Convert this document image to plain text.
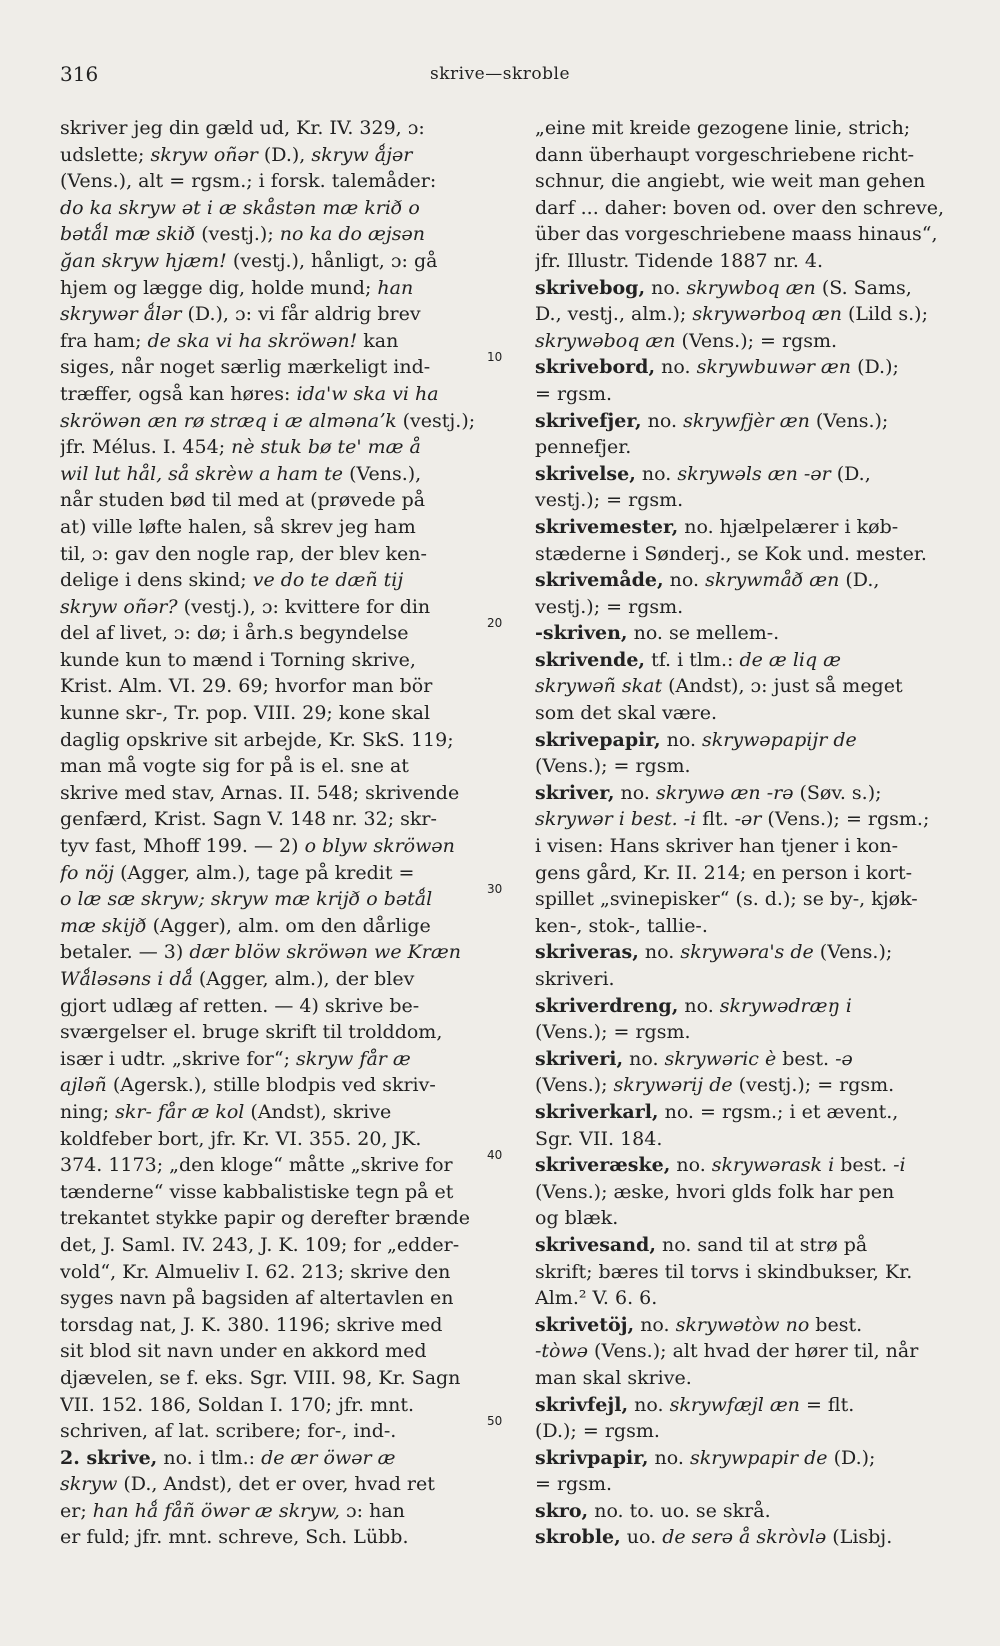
316	skrive—skroble
skriver jeg din gæld ud, Kr. IV. 329, ɔ:
udslette; skryw oñər (D.), skryw ǻjər
(Vens.), alt = rgsm.; i forsk. talemåder:
do ka skryw ət i æ skåstən mæ krið o
bətǻl mæ skið (vestj.); no ka do æjsən
ğan skryw hjæm! (vestj.), hånligt, ɔ: gå
hjem og lægge dig, holde mund; han
skrywər ǻlər (D.), ɔ: vi får aldrig brev
fra ham; de ska vi ha skröwən! kan
siges, når noget særlig mærkeligt ind-
træffer, også kan høres: ida'w ska vi ha
skröwən æn rø stræq i æ almənaʼk (vestj.);
jfr. Mélus. I. 454; nè stuk bø te' mæ å
wil lut hål, så skrèw a ham te (Vens.),
når studen bød til med at (prøvede på
at) ville løfte halen, så skrev jeg ham
til, ɔ: gav den nogle rap, der blev ken-
delige i dens skind; ve do te dæñ tij
skryw oñər? (vestj.), ɔ: kvittere for din
del af livet, ɔ: dø; i årh.s begyndelse
kunde kun to mænd i Torning skrive,
Krist. Alm. VI. 29. 69; hvorfor man bör
kunne skr-, Tr. pop. VIII. 29; kone skal
daglig opskrive sit arbejde, Kr. SkS. 119;
man må vogte sig for på is el. sne at
skrive med stav, Arnas. II. 548; skrivende
genfærd, Krist. Sagn V. 148 nr. 32; skr-
tyv fast, Mhoff 199. — 2) o blyw skröwən
fo nöj (Agger, alm.), tage på kredit =
o læ sæ skryw; skryw mæ krijð o bətǻl
mæ skijð (Agger), alm. om den dårlige
betaler. — 3) dær blöw skröwən we Kræn
Wǻləsəns i dǻ (Agger, alm.), der blev
gjort udlæg af retten. — 4) skrive be-
sværgelser el. bruge skrift til trolddom,
især i udtr. „skrive for“; skryw får æ
ajləñ (Agersk.), stille blodpis ved skriv-
ning; skr- får æ kol (Andst), skrive
koldfeber bort, jfr. Kr. VI. 355. 20, JK.
374. 1173; „den kloge“ måtte „skrive for
tænderne“ visse kabbalistiske tegn på et
trekantet stykke papir og derefter brænde
det, J. Saml. IV. 243, J. K. 109; for „edder-
vold“, Kr. Almueliv I. 62. 213; skrive den
syges navn på bagsiden af altertavlen en
torsdag nat, J. K. 380. 1196; skrive med
sit blod sit navn under en akkord med
djævelen, se f. eks. Sgr. VIII. 98, Kr. Sagn
VII. 152. 186, Soldan I. 170; jfr. mnt.
schriven, af lat. scribere; for-, ind-.
2. skrive, no. i tlm.: de ær öwər æ
skryw (D., Andst), det er over, hvad ret
er; han hǻ fåñ öwər æ skryw, ɔ: han
er fuld; jfr. mnt. schreve, Sch. Lübb.
„eine mit kreide gezogene linie, strich;
dann überhaupt vorgeschriebene richt-
schnur, die angiebt, wie weit man gehen
darf ... daher: boven od. over den schreve,
über das vorgeschriebene maass hinaus“,
jfr. Illustr. Tidende 1887 nr. 4.
skrivebog, no. skrywboq æn (S. Sams,
D., vestj., alm.); skrywərboq æn (Lild s.);
skrywəboq æn (Vens.); = rgsm.
skrivebord, no. skrywbuwər æn (D.);
= rgsm.
skrivefjer, no. skrywfjèr æn (Vens.);
pennefjer.
skrivelse, no. skrywəls æn -ər (D.,
vestj.); = rgsm.
skrivemester, no. hjælpelærer i køb-
stæderne i Sønderj., se Kok und. mester.
skrivemåde, no. skrywmåð æn (D.,
vestj.); = rgsm.
-skriven, no. se mellem-.
skrivende, tf. i tlm.: de æ liq æ
skrywəñ skat (Andst), ɔ: just så meget
som det skal være.
skrivepapir, no. skrywəpapijr de
(Vens.); = rgsm.
skriver, no. skrywə æn -rə (Søv. s.);
skrywər i best. -i flt. -ər (Vens.); = rgsm.;
i visen: Hans skriver han tjener i kon-
gens gård, Kr. II. 214; en person i kort-
spillet „svinepisker“ (s. d.); se by-, kjøk-
ken-, stok-, tallie-.
skriveras, no. skrywəra's de (Vens.);
skriveri.
skriverdreng, no. skrywədræŋ i
(Vens.); = rgsm.
skriveri, no. skrywəric è best. -ə
(Vens.); skrywərij de (vestj.); = rgsm.
skriverkarl, no. = rgsm.; i et ævent.,
Sgr. VII. 184.
skriveræske, no. skrywərask i best. -i
(Vens.); æske, hvori glds folk har pen
og blæk.
skrivesand, no. sand til at strø på
skrift; bæres til torvs i skindbukser, Kr.
Alm.² V. 6. 6.
skrivetöj, no. skrywətòw no best.
-tòwə (Vens.); alt hvad der hører til, når
man skal skrive.
skrivfejl, no. skrywfæjl æn = flt.
(D.); = rgsm.
skrivpapir, no. skrywpapir de (D.);
= rgsm.
skro, no. to. uo. se skrå.
skroble, uo. de serə å skròvlə (Lisbj.
10
20
30
40
50
